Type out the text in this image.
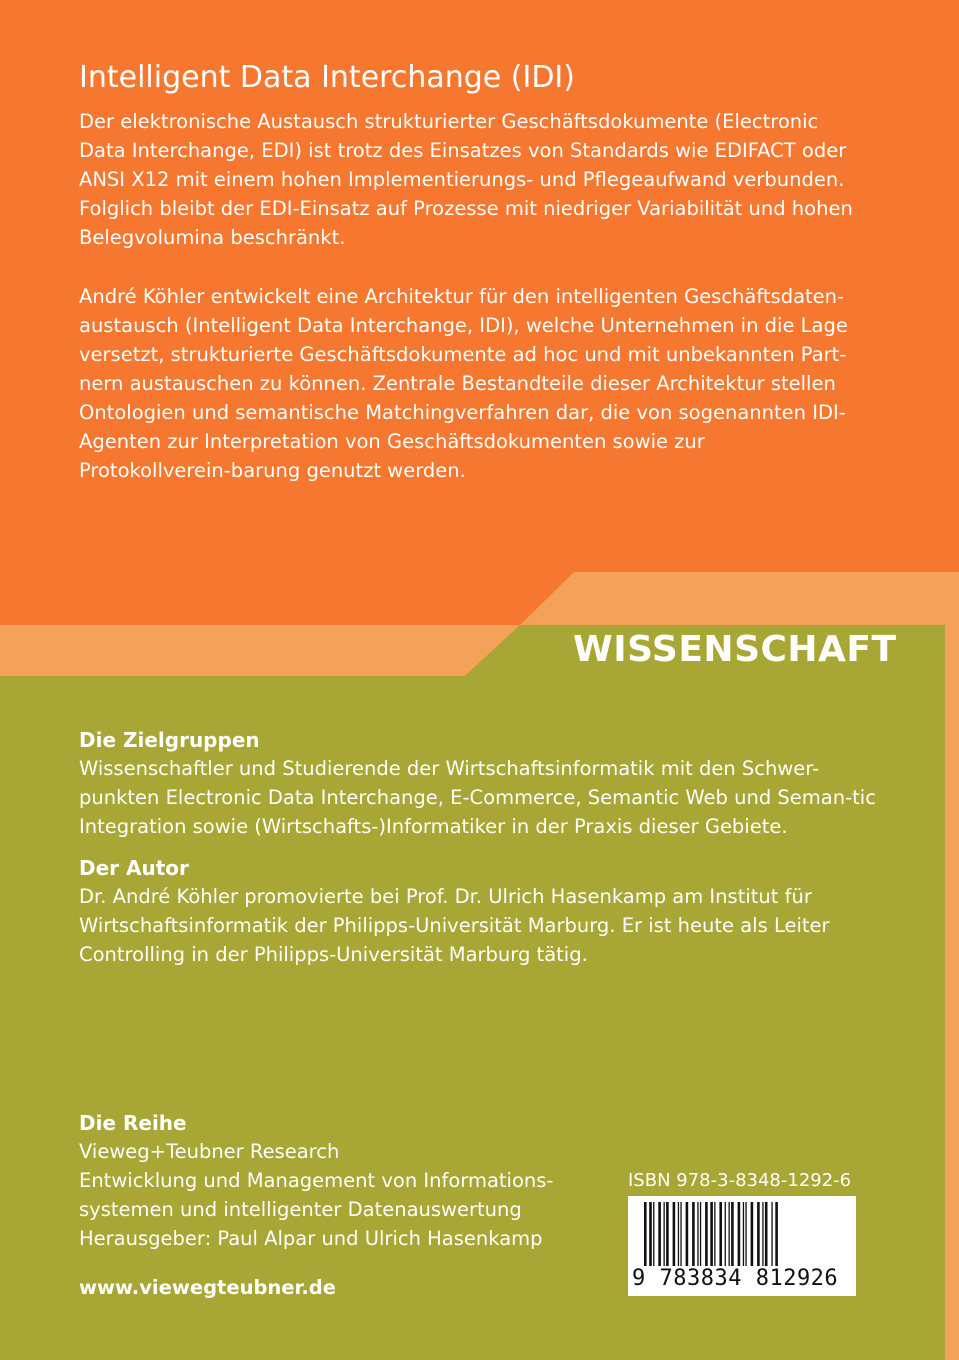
Intelligent Data Interchange (IDI)

Der elektronische Austausch strukturierter Geschäftsdokumente (Electronic Data Interchange, EDI) ist trotz des Einsatzes von Standards wie EDIFACT oder ANSI X12 mit einem hohen Implementierungs- und Pflegeaufwand verbunden. Folglich bleibt der EDI-Einsatz auf Prozesse mit niedriger Variabilität und hohen Belegvolumina beschränkt.

André Köhler entwickelt eine Architektur für den intelligenten Geschäftsdaten-austausch (Intelligent Data Interchange, IDI), welche Unternehmen in die Lage versetzt, strukturierte Geschäftsdokumente ad hoc und mit unbekannten Part-nern austauschen zu können. Zentrale Bestandteile dieser Architektur stellen Ontologien und semantische Matchingverfahren dar, die von sogenannten IDI-Agenten zur Interpretation von Geschäftsdokumenten sowie zur Protokollverein-barung genutzt werden.

WISSENSCHAFT
Die Zielgruppen

Wissenschaftler und Studierende der Wirtschaftsinformatik mit den Schwer-punkten Electronic Data Interchange, E-Commerce, Semantic Web und Seman-tic Integration sowie (Wirtschafts-)Informatiker in der Praxis dieser Gebiete.

Der Autor

Dr. André Köhler promovierte bei Prof. Dr. Ulrich Hasenkamp am Institut für Wirtschaftsinformatik der Philipps-Universität Marburg. Er ist heute als Leiter Controlling in der Philipps-Universität Marburg tätig.

Die Reihe
Vieweg+Teubner Research
Entwicklung und Management von Informations-
systemen und intelligenter Datenauswertung
Herausgeber: Paul Alpar und Ulrich Hasenkamp
www.viewegteubner.de
ISBN 978-3-8348-1292-6
9 783834 812926
